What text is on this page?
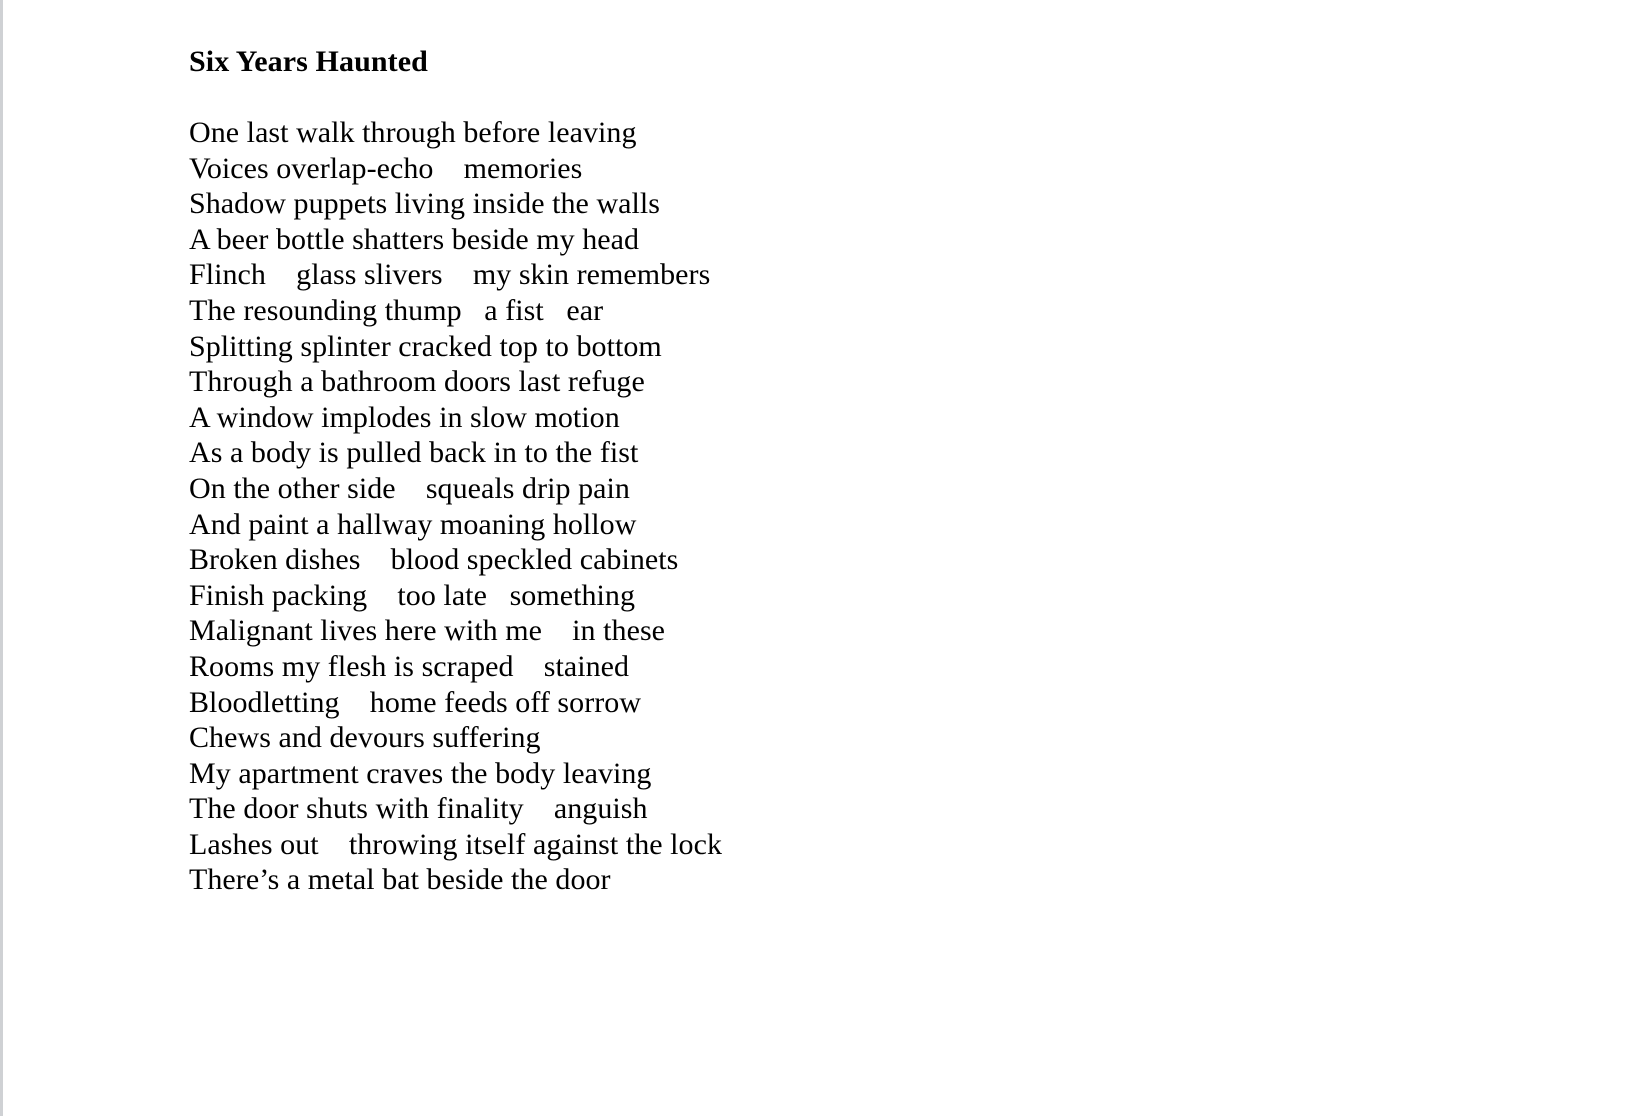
Six Years Haunted
One last walk through before leaving
Voices overlap-echo    memories
Shadow puppets living inside the walls
A beer bottle shatters beside my head
Flinch    glass slivers    my skin remembers
The resounding thump   a fist   ear
Splitting splinter cracked top to bottom
Through a bathroom doors last refuge
A window implodes in slow motion
As a body is pulled back in to the fist
On the other side    squeals drip pain
And paint a hallway moaning hollow
Broken dishes    blood speckled cabinets
Finish packing    too late   something
Malignant lives here with me    in these
Rooms my flesh is scraped    stained
Bloodletting    home feeds off sorrow
Chews and devours suffering
My apartment craves the body leaving
The door shuts with finality    anguish
Lashes out    throwing itself against the lock
There’s a metal bat beside the door
